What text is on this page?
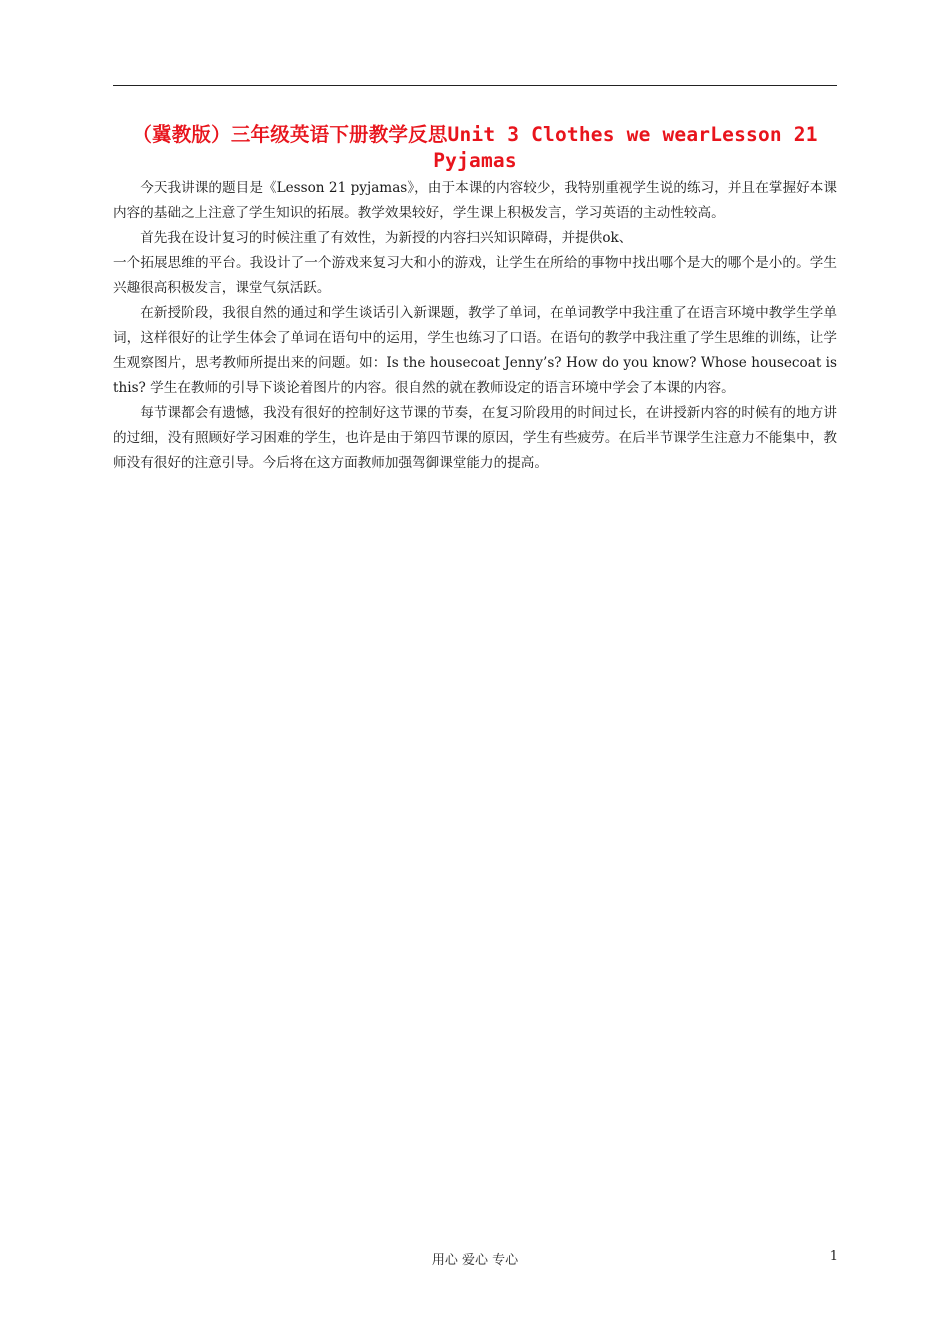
（冀教版）三年级英语下册教学反思Unit 3 Clothes we wearLesson 21
Pyjamas

今天我讲课的题目是《Lesson 21 pyjamas》，由于本课的内容较少，我特别重视学生说的练习，并且在掌握好本课内容的基础之上注意了学生知识的拓展。教学效果较好，学生课上积极发言，学习英语的主动性较高。

首先我在设计复习的时候注重了有效性，为新授的内容扫兴知识障碍，并提供ok、

一个拓展思维的平台。我设计了一个游戏来复习大和小的游戏，让学生在所给的事物中找出哪个是大的哪个是小的。学生兴趣很高积极发言，课堂气氛活跃。

在新授阶段，我很自然的通过和学生谈话引入新课题，教学了单词，在单词教学中我注重了在语言环境中教学生学单词，这样很好的让学生体会了单词在语句中的运用，学生也练习了口语。在语句的教学中我注重了学生思维的训练，让学生观察图片，思考教师所提出来的问题。如：Is the housecoat Jenny’s? How do you know? Whose housecoat is this? 学生在教师的引导下谈论着图片的内容。很自然的就在教师设定的语言环境中学会了本课的内容。

每节课都会有遗憾，我没有很好的控制好这节课的节奏，在复习阶段用的时间过长，在讲授新内容的时候有的地方讲的过细，没有照顾好学习困难的学生，也许是由于第四节课的原因，学生有些疲劳。在后半节课学生注意力不能集中，教师没有很好的注意引导。今后将在这方面教师加强驾御课堂能力的提高。

用心 爱心 专心	1
